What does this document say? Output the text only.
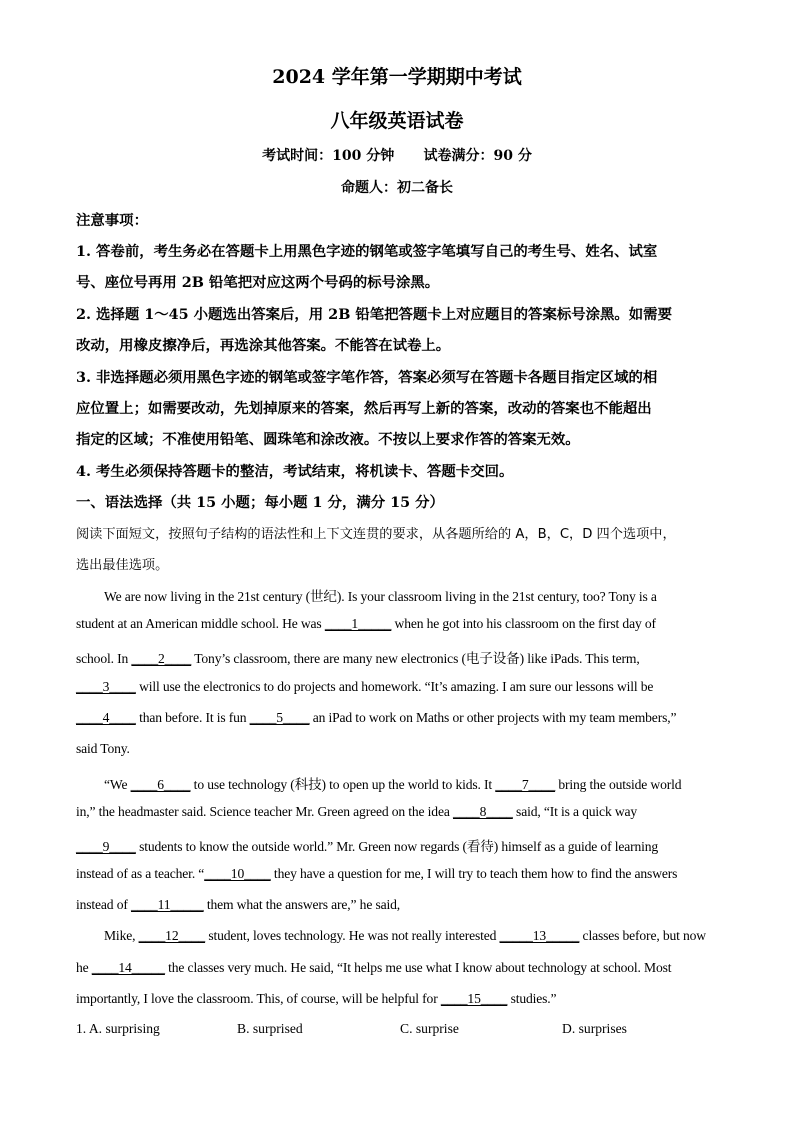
2024 学年第一学期期中考试
八年级英语试卷
考试时间：100 分钟      试卷满分：90 分
命题人：初二备长
注意事项：
1. 答卷前，考生务必在答题卡上用黑色字迹的钢笔或签字笔填写自己的考生号、姓名、试室
号、座位号再用 2B 铅笔把对应这两个号码的标号涂黑。
2. 选择题 1～45 小题选出答案后，用 2B 铅笔把答题卡上对应题目的答案标号涂黑。如需要
改动，用橡皮擦净后，再选涂其他答案。不能答在试卷上。
3. 非选择题必须用黑色字迹的钢笔或签字笔作答，答案必须写在答题卡各题目指定区域的相
应位置上；如需要改动，先划掉原来的答案，然后再写上新的答案，改动的答案也不能超出
指定的区域；不准使用铅笔、圆珠笔和涂改液。不按以上要求作答的答案无效。
4. 考生必须保持答题卡的整洁，考试结束，将机读卡、答题卡交回。
一、语法选择（共 15 小题；每小题 1 分，满分 15 分）
阅读下面短文，按照句子结构的语法性和上下文连贯的要求，从各题所给的 A，B，C，D 四个选项中，
选出最佳选项。
We are now living in the 21st century (世纪). Is your classroom living in the 21st century, too? Tony is a
student at an American middle school. He was ____1_____ when he got into his classroom on the first day of
school. In ____2____ Tony’s classroom, there are many new electronics (电子设备) like iPads. This term,
____3____ will use the electronics to do projects and homework. “It’s amazing. I am sure our lessons will be
____4____ than before. It is fun ____5____ an iPad to work on Maths or other projects with my team members,”
said Tony.
“We ____6____ to use technology (科技) to open up the world to kids. It ____7____ bring the outside world
in,” the headmaster said. Science teacher Mr. Green agreed on the idea ____8____ said, “It is a quick way
____9____ students to know the outside world.” Mr. Green now regards (看待) himself as a guide of learning
instead of as a teacher. “____10____ they have a question for me, I will try to teach them how to find the answers
instead of ____11_____ them what the answers are,” he said,
Mike, ____12____ student, loves technology. He was not really interested _____13_____ classes before, but now
he ____14_____ the classes very much. He said, “It helps me use what I know about technology at school. Most
importantly, I love the classroom. This, of course, will be helpful for ____15____ studies.”
1. A. surprising	B. surprised	C. surprise	D. surprises
